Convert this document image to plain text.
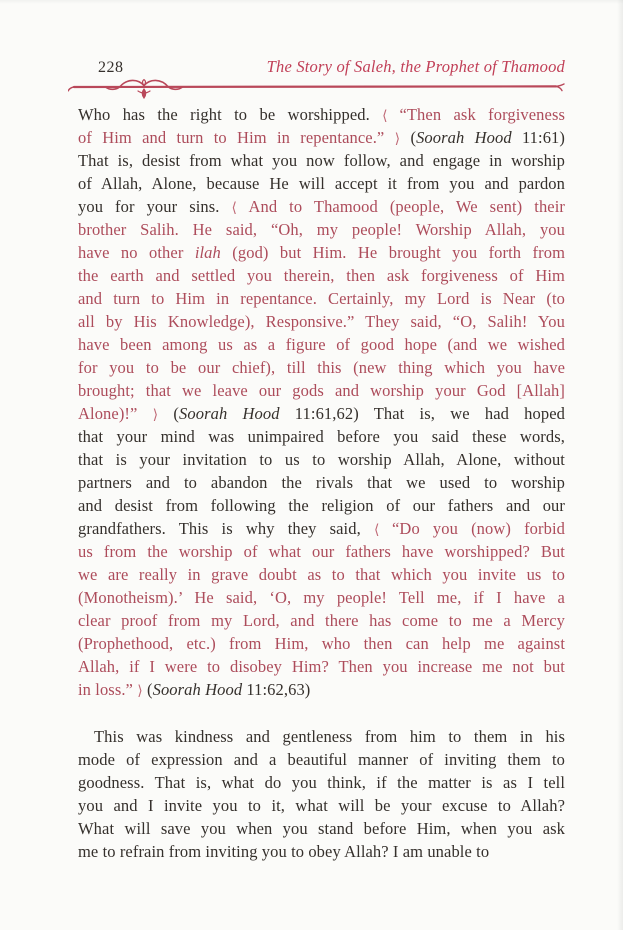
228	The Story of Saleh, the Prophet of Thamood
Who has the right to be worshipped. ⟨ “Then ask forgiveness
of Him and turn to Him in repentance.” ⟩ (Soorah Hood 11:61)
That is, desist from what you now follow, and engage in worship
of Allah, Alone, because He will accept it from you and pardon
you for your sins. ⟨ And to Thamood (people, We sent) their
brother Salih. He said, “Oh, my people! Worship Allah, you
have no other ilah (god) but Him. He brought you forth from
the earth and settled you therein, then ask forgiveness of Him
and turn to Him in repentance. Certainly, my Lord is Near (to
all by His Knowledge), Responsive.” They said, “O, Salih! You
have been among us as a figure of good hope (and we wished
for you to be our chief), till this (new thing which you have
brought; that we leave our gods and worship your God [Allah]
Alone)!” ⟩ (Soorah Hood 11:61,62) That is, we had hoped
that your mind was unimpaired before you said these words,
that is your invitation to us to worship Allah, Alone, without
partners and to abandon the rivals that we used to worship
and desist from following the religion of our fathers and our
grandfathers. This is why they said, ⟨ “Do you (now) forbid
us from the worship of what our fathers have worshipped? But
we are really in grave doubt as to that which you invite us to
(Monotheism).’ He said, ‘O, my people! Tell me, if I have a
clear proof from my Lord, and there has come to me a Mercy
(Prophethood, etc.) from Him, who then can help me against
Allah, if I were to disobey Him? Then you increase me not but
in loss.” ⟩ (Soorah Hood 11:62,63)
This was kindness and gentleness from him to them in his
mode of expression and a beautiful manner of inviting them to
goodness. That is, what do you think, if the matter is as I tell
you and I invite you to it, what will be your excuse to Allah?
What will save you when you stand before Him, when you ask
me to refrain from inviting you to obey Allah? I am unable to
